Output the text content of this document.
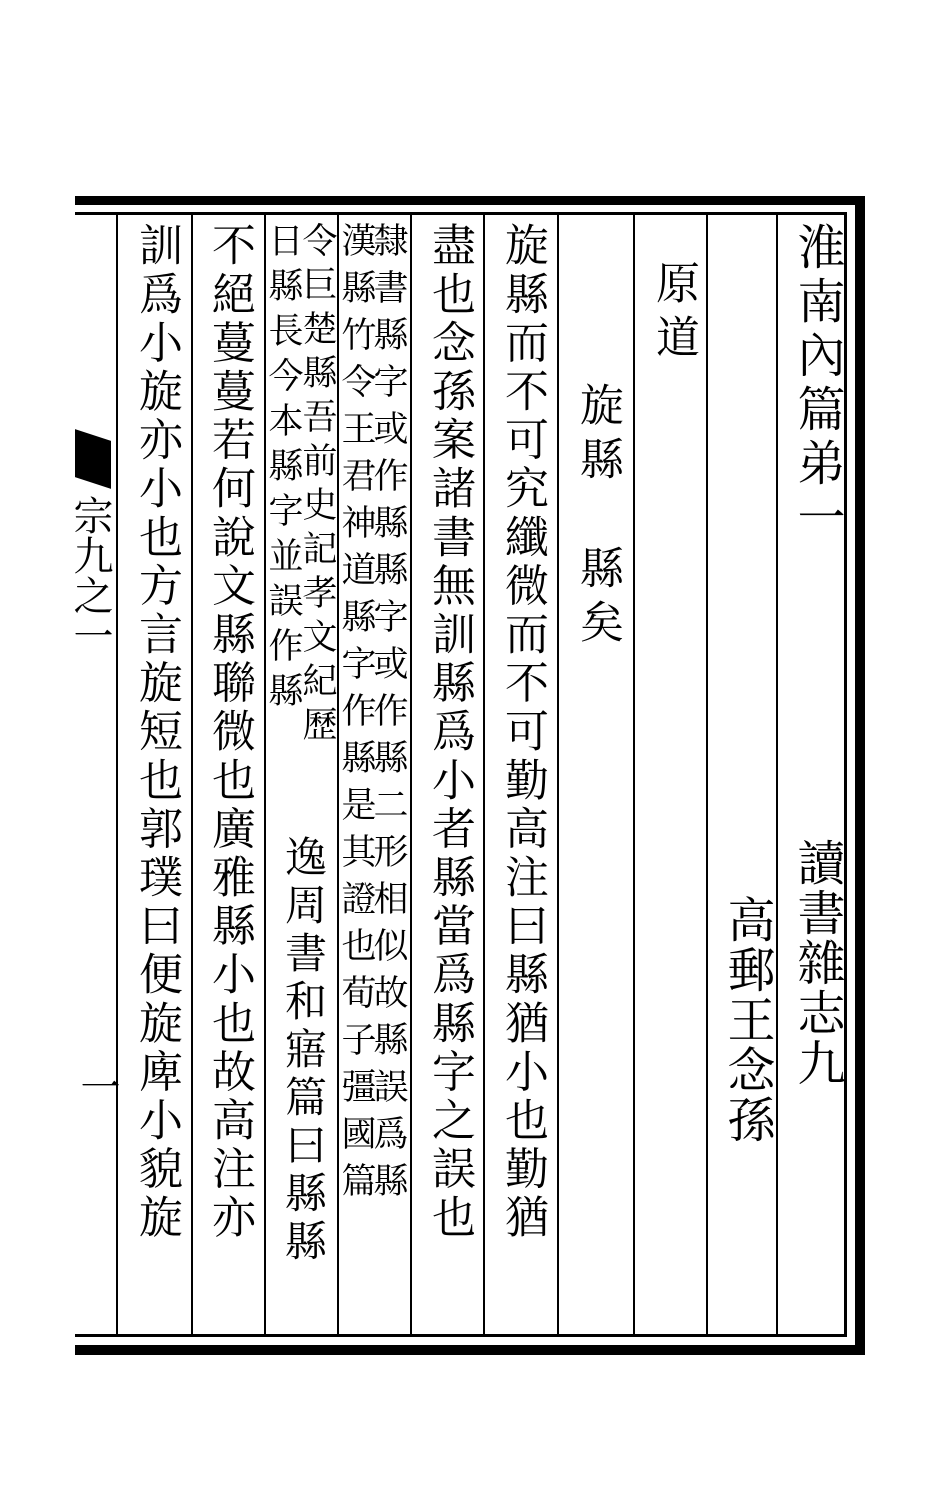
淮南內篇弟一
讀書雜志九
高郵王念孫
原道
旋縣
縣矣
旋縣而不可究纖微而不可勤高注曰縣猶小也勤猶
盡也念孫案諸書無訓縣爲小者縣當爲縣字之誤也
隸書縣字或作縣縣字或作縣二形相似故縣誤爲縣
漢縣竹令王君神道縣字作縣是其證也荀子彊國篇
令巨楚縣吾前史記孝文紀歷
逸周書和寤篇曰縣縣
日縣長今本縣字並誤作縣
不絕蔓蔓若何說文縣聯微也廣雅縣小也故高注亦
訓爲小旋亦小也方言旋短也郭璞曰便旋庳小貌旋
宗九之一
一
